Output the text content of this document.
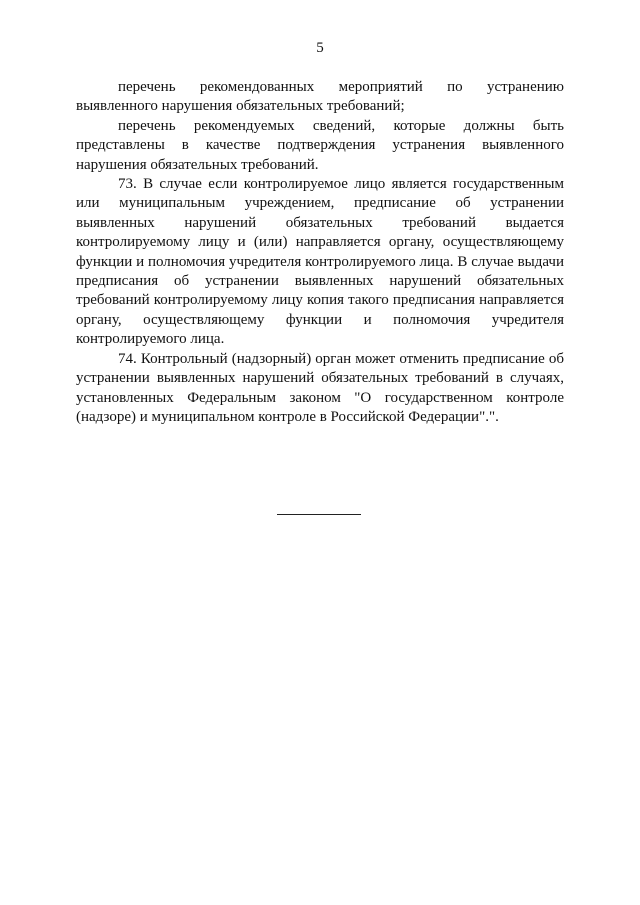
5

перечень рекомендованных мероприятий по устранению выявленного нарушения обязательных требований;

перечень рекомендуемых сведений, которые должны быть представлены в качестве подтверждения устранения выявленного нарушения обязательных требований.

73. В случае если контролируемое лицо является государственным или муниципальным учреждением, предписание об устранении выявленных нарушений обязательных требований выдается контролируемому лицу и (или) направляется органу, осуществляющему функции и полномочия учредителя контролируемого лица. В случае выдачи предписания об устранении выявленных нарушений обязательных требований контролируемому лицу копия такого предписания направляется органу, осуществляющему функции и полномочия учредителя контролируемого лица.

74. Контрольный (надзорный) орган может отменить предписание об устранении выявленных нарушений обязательных требований в случаях, установленных Федеральным законом "О государственном контроле (надзоре) и муниципальном контроле в Российской Федерации".".
